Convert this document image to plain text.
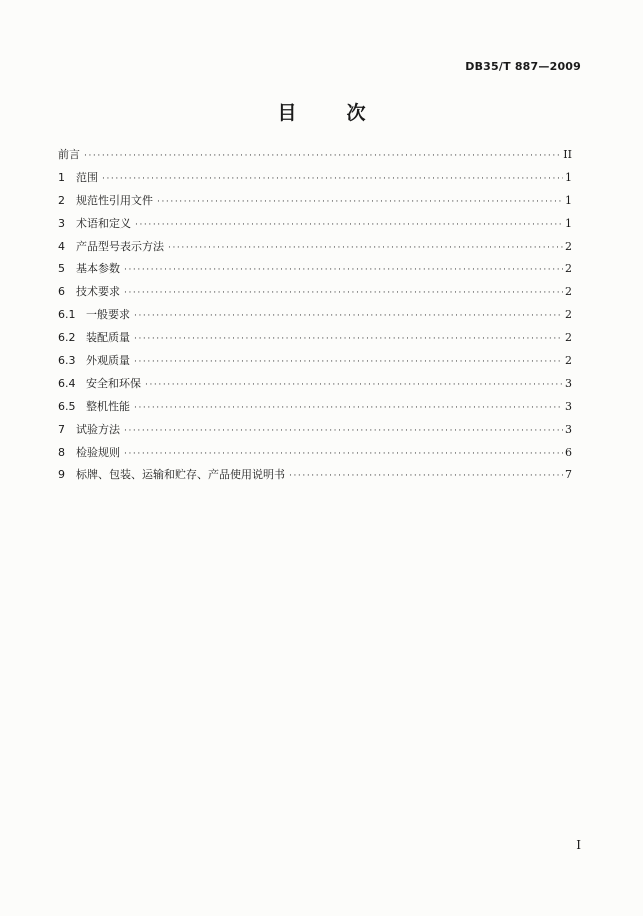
DB35/T 887—2009
目	次
前言 ·····	II
1	范围 ·····	1
2	规范性引用文件 ·····	1
3	术语和定义 ·····	1
4	产品型号表示方法 ·····	2
5	基本参数 ·····	2
6	技术要求 ·····	2
6.1 一般要求 ·····	2
6.2 装配质量 ·····	2
6.3 外观质量 ·····	2
6.4 安全和环保 ·····	3
6.5 整机性能 ·····	3
7	试验方法 ·····	3
8	检验规则 ·····	6
9	标牌、包装、运输和贮存、产品使用说明书 ·····	7
I
